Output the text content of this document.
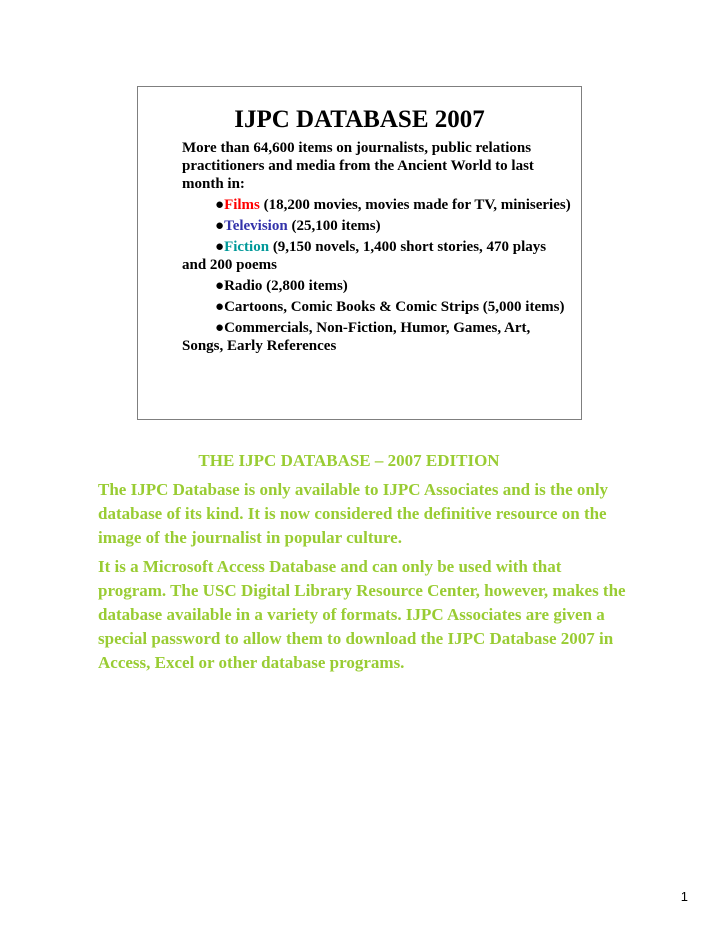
IJPC DATABASE 2007

More than 64,600 items on journalists, public relations practitioners and media from the Ancient World to last month in:

●Films (18,200 movies, movies made for TV, miniseries)

●Television (25,100 items)

●Fiction (9,150 novels, 1,400 short stories, 470 plays and 200 poems

●Radio (2,800 items)

●Cartoons, Comic Books & Comic Strips (5,000 items)

●Commercials, Non-Fiction, Humor, Games, Art, Songs, Early References

THE IJPC DATABASE – 2007 EDITION

The IJPC Database is only available to IJPC Associates and is the only database of its kind. It is now considered the definitive resource on the image of the journalist in popular culture.

It is a Microsoft Access Database and can only be used with that program. The USC Digital Library Resource Center, however, makes the database available in a variety of formats. IJPC Associates are given a special password to allow them to download the IJPC Database 2007 in Access, Excel or other database programs.

1
